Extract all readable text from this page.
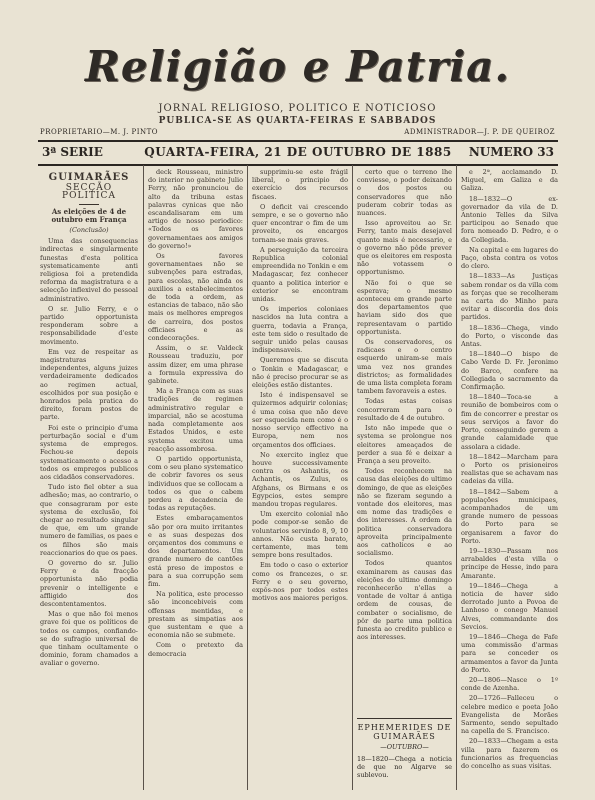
Religião e Patria.
JORNAL RELIGIOSO, POLITICO E NOTICIOSO
PUBLICA-SE AS QUARTA-FEIRAS E SABBADOS
PROPRIETARIO—M. J. PINTO	ADMINISTRADOR—J. P. DE QUEIROZ
3ª SERIE	QUARTA-FEIRA, 21 DE OUTUBRO DE 1885	NUMERO 33
GUIMARÃES
SECÇÃO POLITICA
As eleições de 4 de outubro em França
(Conclusão)

Uma das consequencias indirectas e singularmente funestas d'esta politica systematicamente anti religiosa foi a pretendida reforma da magistratura e a selecção inflexivel do pessoal administrativo.

O sr. Julio Ferry, e o partido opportunista responderam sobre a responsabilidade d'este movimento.

Em vez de respeitar as magistraturas independentes, alguns juizes verdadeiramente dedicados ao regimen actual, escolhidos por sua posição e honrados pela pratica do direito, foram postos de parte.

Foi este o principio d'uma perturbação social e d'um systema de empregos. Fechou-se depois systematicamente o acesso a todos os empregos publicos aos cidadãos conservadores.

Tudo isto fiel obter a sua adhesão; mas, ao contrario, o que consagraram por este systema de exclusão, foi chegar ao resultado singular de que, em um grande numero de familias, os paes e os filhos são mais reaccionarios do que os paes.

O governo do sr. Julio Ferry e da fracção opportunista não podia prevenir o intelligente e affligido dos descontentamentos.

Mas o que não foi menos grave foi que os políticos de todos os campos, confiando-se do sufragio universal de que tinham ocultamente o dominio, foram chamados a avaliar o governo.

deck Rousseau, ministro do interior no gabinete Julio Ferry, não pronunciou de alto da tribuna estas palavras cynicas que não escandalisaram em um artigo de nosso periodico: «Todos os favores governamentaes aos amigos do governo!»

Os favores governamentaes não se subvenções para estradas, para escolas, não ainda os auxilios a estabelecimentos de toda a ordem, as estancias de tabaco, não são mais os melhores empregos de carreira, dos postos officiaes e as condecorações.

Assim, o sr. Valdeck Rousseau traduziu, por assim dizer, em uma phrase a formula expressiva do gabinete.

Ma a França com as suas tradições de regimen administrativo regular e imparcial, não se acostuma nada completamente aos Estados Unidos, e este systema excitou uma reacção assombrosa.

O partido opportunista, com o seu plano systematico de cobrir favores os seus individuos que se collocam a todos os que o cabem perdeu a decadencia de todas as reputações.

Estes embaraçamentos são por ora muito irritantes e as suas despezas dos orçamentos dos communs e dos departamentos. Um grande numero de cantões está preso de impostos e para a sua corrupção sem fim.

Na politica, este processo são inconcebiveis com offensas mentidas, e prestam as simpatias aos que sustentam e que a economia não se submete.

Com o pretexto da democracia

supprimiu-se este frágil liberal, o principio do exercício dos recursos fiscaes.

O deficit vai crescendo sempre, e se o governo não quer encontrar o fim de um proveito, os encargos tornam-se mais graves.

A perseguição da terceira Republica colonial empreendida no Tonkin e em Madagascar, fez conhecer quanto a politica interior e exterior se encontram unidas.

Os imperios coloniaes nascidos na luta contra a guerra, todavia a França, este tem sido o resultado de seguir unido pelas causas indispensaveis.

Queremos que se discuta o Tonkin e Madagascar, e não é preciso procurar se as eleições estão distantes.

Isto é indispensavel se quizermos adquirir colonias; é uma coisa que não deve ser esquecida nem como é o nosso serviço effectivo na Europa, nem nos orçamentos dos officiaes.

No exercito inglez que houve successivamente contra os Ashantis, os Achantis, os Zulus, os Afghans, os Birmans e os Egypcios, estes sempre mandou tropas regulares.

Um exercito colonial não pode compor-se senão de voluntarios servindo 8, 9, 10 annos. Não custa barato, certamente, mas tem sempre bons resultados.

Em todo o caso o exterior como os francezes, o sr. Ferry e o seu governo, expôs-nos por todos estes motivos aos maiores perigos.

certo que o terreno lhe conviesse, o poder deixando o dos postos ou conservadores que não puderam cobrir todas as nuances.

Isso aproveitou ao Sr. Ferry, tanto mais desejavel quanto mais é necessario, e o governo não pôde prever que os eleitores em resposta não votassem o opportunismo.

Não foi o que se esperava; o mesmo aconteceu em grande parte dos departamentos que haviam sido dos que representavam o partido opportunista.

Os conservadores, os radicaes e o centro esquerdo uniram-se mais uma vez nos grandes districtos; as formalidades de uma lista completa foram tambem favoraveis a estes.

Todas estas coisas concorreram para o resultado de 4 de outubro.

Isto não impede que o systema se prolongue nos eleitores ameaçados de perder a sua fé e deixar a França a seu proveito.

Todos reconhecem na causa das eleições do ultimo domingo, de que as eleições não se fizeram segundo a vontade dos eleitores, mas em nome das tradições e dos interesses. A ordem da politica conservadora aproveita principalmente aos catholicos e ao socialismo.

Todos quantos examinarem as causas das eleições do ultimo domingo reconhecerão n'ellas a vontade de voltar á antiga ordem de cousas, de combater o socialismo, de pôr de parte uma politica funesta ao credito publico e aos interesses.

EPHEMERIDES DE
GUIMARÃES
—OUTUBRO—
18—1820—Chega a noticia de que no Algarve se sublevou.

e 2ª, acclamando D. Miguel, em Galiza e da Galiza.

18—1832—O ex-governador da vila de D. Antonio Telles da Silva participou ao Senado que fora nomeado D. Pedro, e o da Collegiada.

Na capital e em lugares do Paço, obsta contra os votos do clero.

18—1833—As Justiças sabem rondar os da villa com as forças que se recolheram na carta do Minho para evitar a discordia dos dois partidos.

18—1836—Chega, vindo do Porto, o visconde das Antas.

18—1840—O bispo de Cabo Verde D. Fr. Jeronimo do Barco, confere na Collegiada o sacramento da Confirmação.

18—1840—Toca-se a reunião de bombeiros com o fim de concorrer e prestar os seus serviços a favor do Porto, conseguindo gerem a grande calamidade que assolara a cidade.

18—1842—Marcham para o Porto os prisioneiros realistas que se achavam nas cadeias da villa.

18—1842—Sabem a populações municipaes, acompanhados de um grande numero de pessoas do Porto para se organisarem a favor do Porto.

19—1830—Passam nos arrabaldes d'esta villa o principe de Hesse, indo para Amarante.

19—1846—Chega a noticia de haver sido derrotado junto a Povoa de Lanhoso o conego Manuel Alves, commandante dos Sevcios.

19—1846—Chega de Fafe uma commissão d'armas para se conceder os armamentos a favor da Junta do Porto.

20—1806—Nasce o 1º conde de Azenha.

20—1726—Falleceu o celebre medico e poeta João Evangelista de Morães Sarmento, sendo sepultado na capella de S. Francisco.

20—1833—Chegam a esta villa para fazerem os funcionarios as frequencias do concelho as suas visitas.
